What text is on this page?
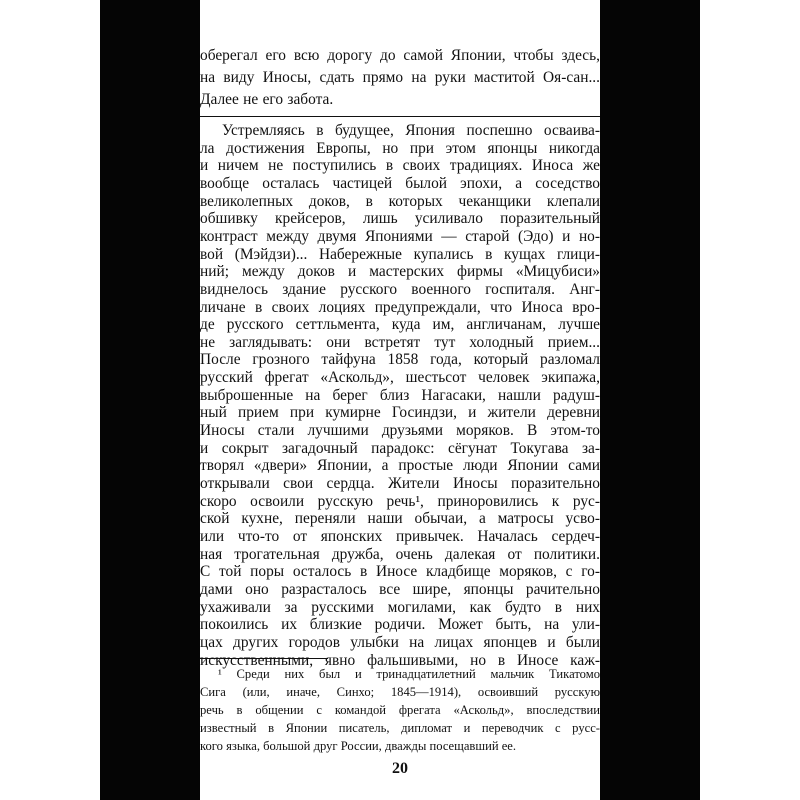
оберегал его всю дорогу до самой Японии, чтобы здесь,
на виду Иносы, сдать прямо на руки маститой Оя-сан...
Далее не его забота.
Устремляясь в будущее, Япония поспешно осваива-
ла достижения Европы, но при этом японцы никогда
и ничем не поступились в своих традициях. Иноса же
вообще осталась частицей былой эпохи, а соседство
великолепных доков, в которых чеканщики клепали
обшивку крейсеров, лишь усиливало поразительный
контраст между двумя Япониями — старой (Эдо) и но-
вой (Мэйдзи)... Набережные купались в кущах глици-
ний; между доков и мастерских фирмы «Мицубиси»
виднелось здание русского военного госпиталя. Анг-
личане в своих лоциях предупреждали, что Иноса вро-
де русского сеттльмента, куда им, англичанам, лучше
не заглядывать: они встретят тут холодный прием...
После грозного тайфуна 1858 года, который разломал
русский фрегат «Аскольд», шестьсот человек экипажа,
выброшенные на берег близ Нагасаки, нашли радуш-
ный прием при кумирне Госиндзи, и жители деревни
Иносы стали лучшими друзьями моряков. В этом-то
и сокрыт загадочный парадокс: сёгунат Токугава за-
творял «двери» Японии, а простые люди Японии сами
открывали свои сердца. Жители Иносы поразительно
скоро освоили русскую речь¹, приноровились к рус-
ской кухне, переняли наши обычаи, а матросы усво-
или что-то от японских привычек. Началась сердеч-
ная трогательная дружба, очень далекая от политики.
С той поры осталось в Иносе кладбище моряков, с го-
дами оно разрасталось все шире, японцы рачительно
ухаживали за русскими могилами, как будто в них
покоились их близкие родичи. Может быть, на ули-
цах других городов улыбки на лицах японцев и были
искусственными, явно фальшивыми, но в Иносе каж-
¹ Среди них был и тринадцатилетний мальчик Тикатомо
Сига (или, иначе, Синхо; 1845—1914), освоивший русскую
речь в общении с командой фрегата «Аскольд», впоследствии
известный в Японии писатель, дипломат и переводчик с русс-
кого языка, большой друг России, дважды посещавший ее.
20
